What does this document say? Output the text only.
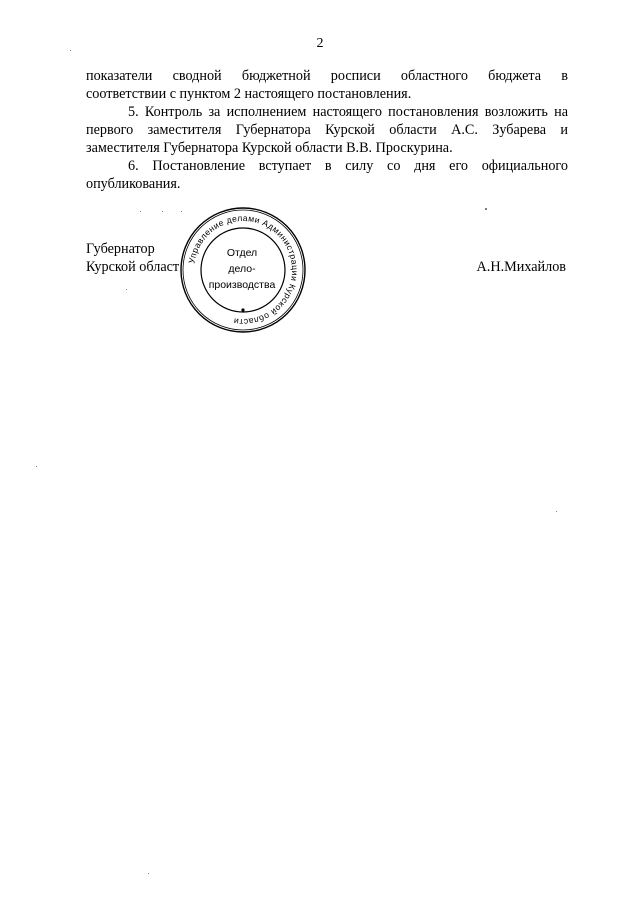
2

показатели сводной бюджетной росписи областного бюджета в
соответствии с пунктом 2 настоящего постановления.

5. Контроль за исполнением настоящего постановления возложить на первого заместителя Губернатора Курской области А.С. Зубарева и заместителя Губернатора Курской области В.В. Проскурина.

6. Постановление вступает в силу со дня его официального опубликования.

Губернатор
Курской област	А.Н.Михайлов
Управление делами Администрации Курской области
Отдел
дело-
производства
